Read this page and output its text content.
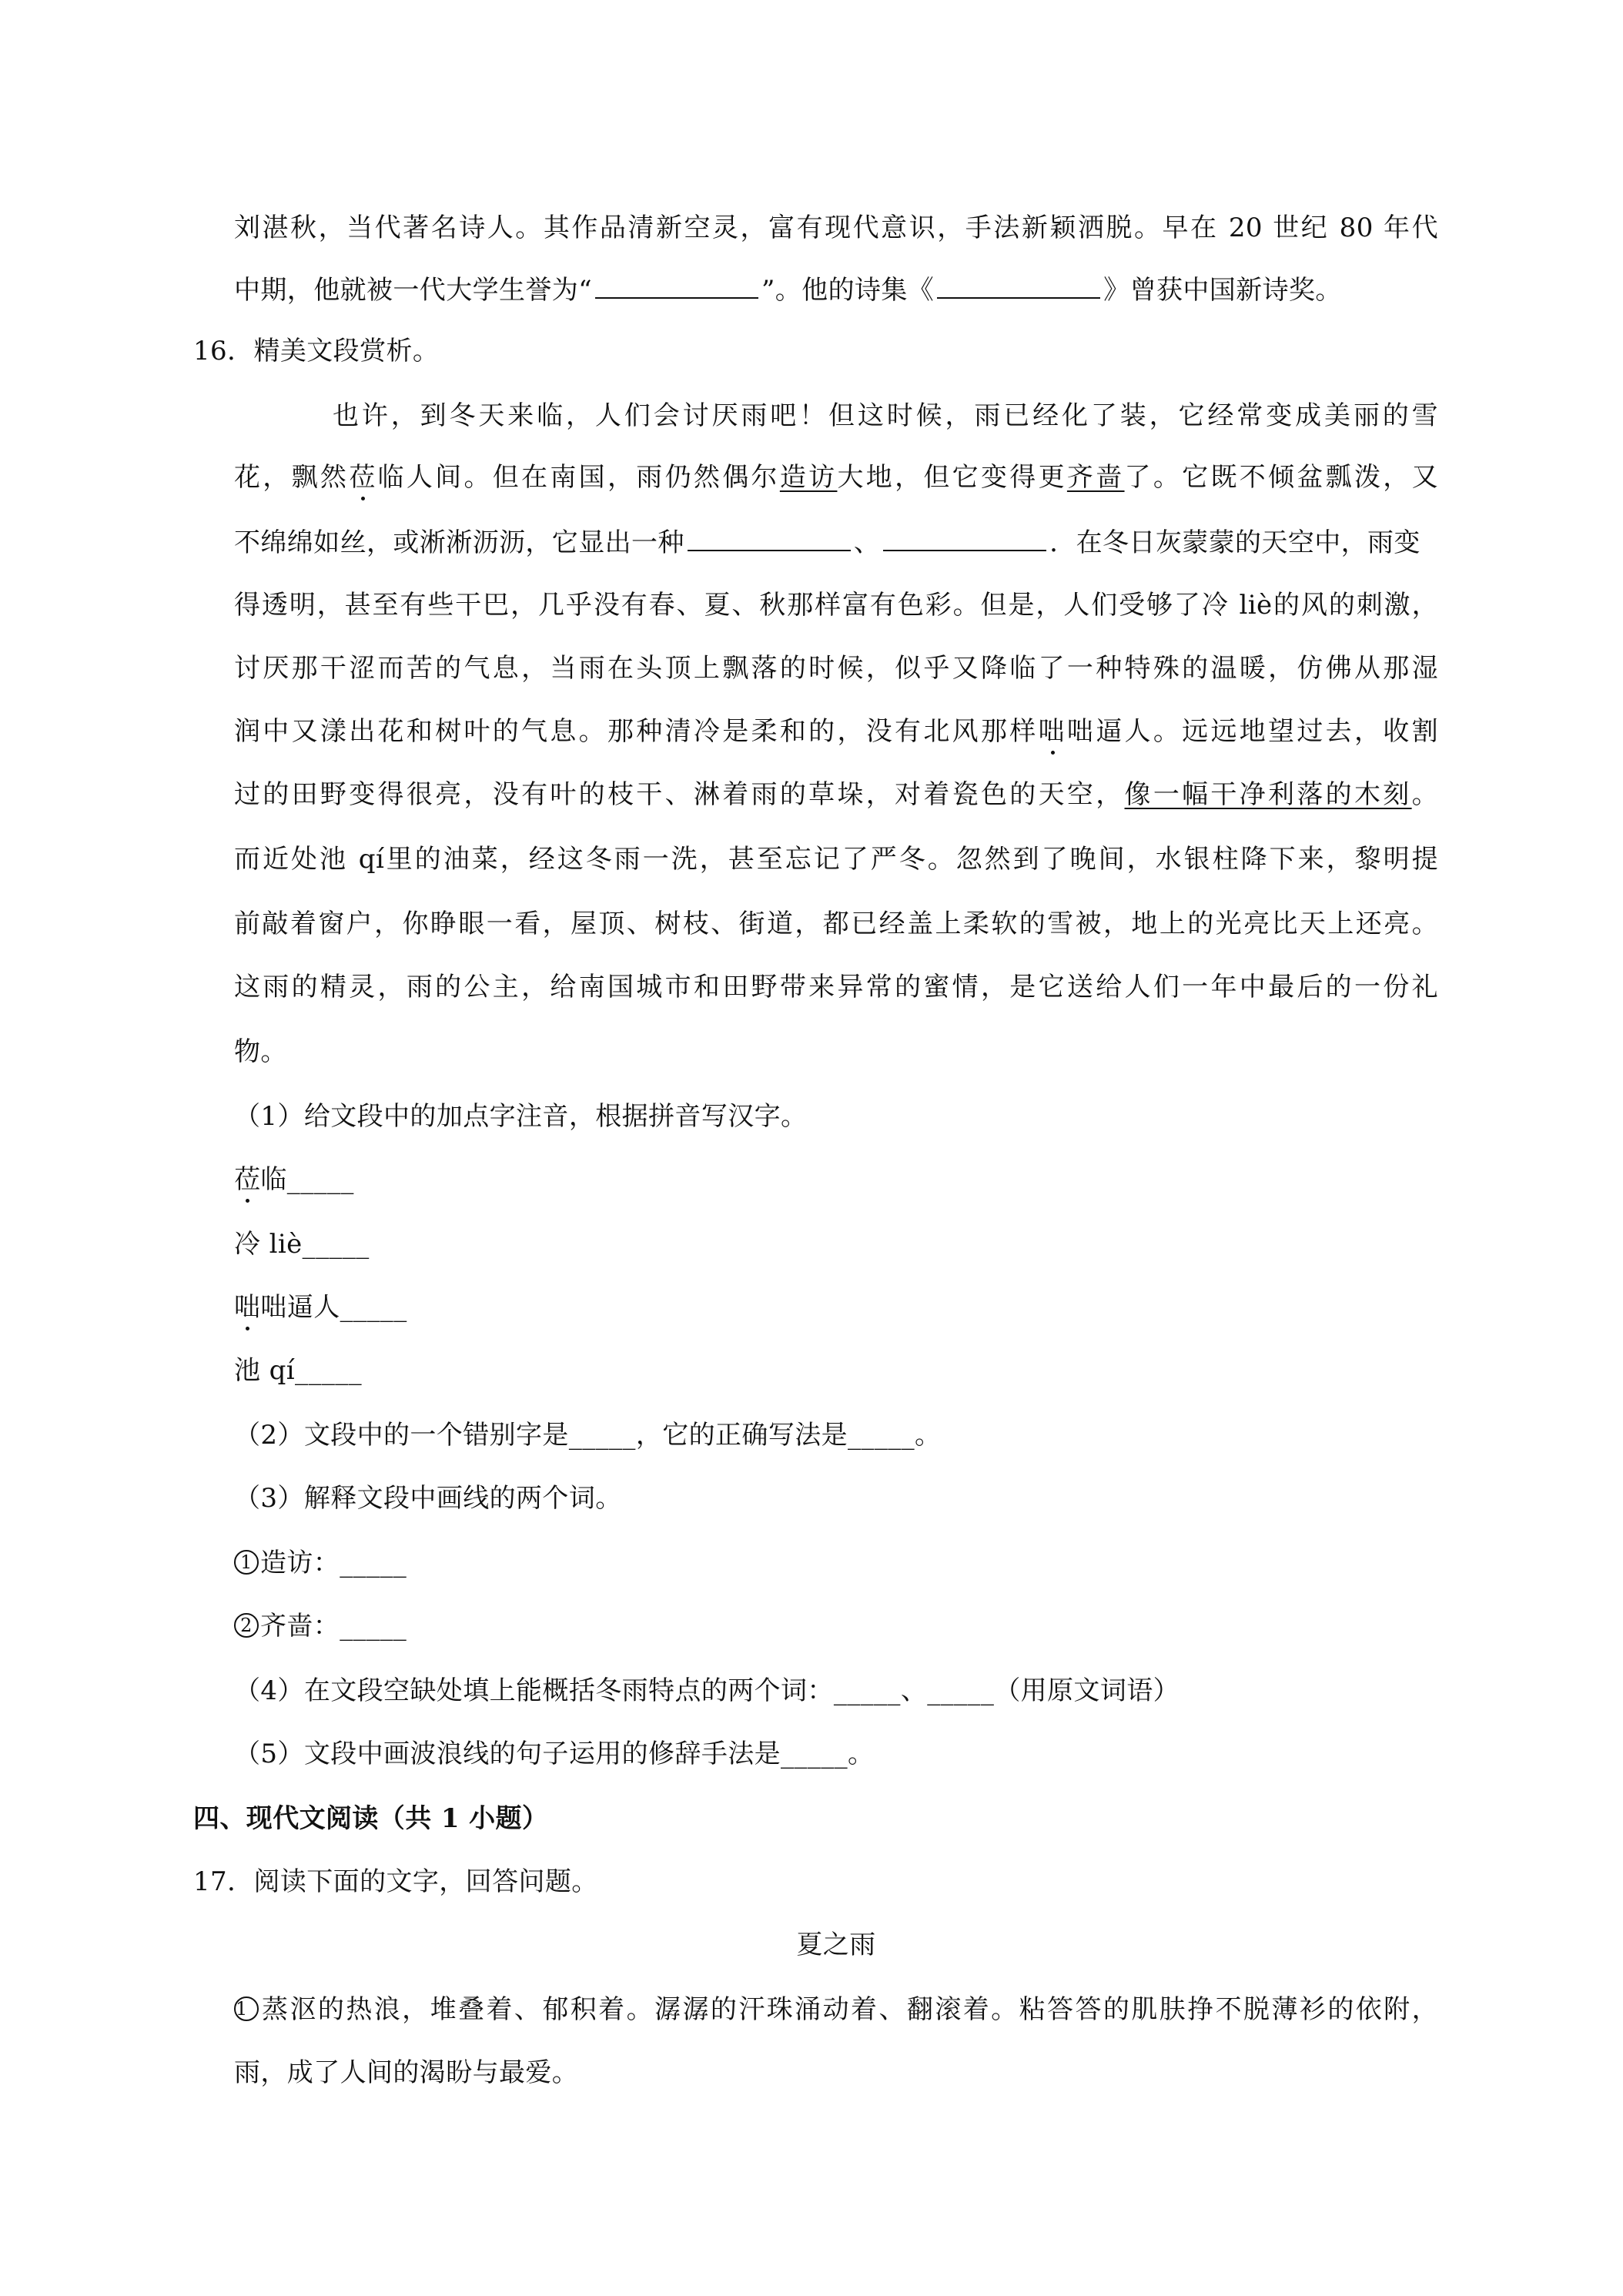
刘湛秋，当代著名诗人。其作品清新空灵，富有现代意识，手法新颖洒脱。早在 20 世纪 80 年代
中期，他就被一代大学生誉为“	”。他的诗集《	》曾获中国新诗奖。
16．精美文段赏析。
也许，到冬天来临，人们会讨厌雨吧！但这时候，雨已经化了装，它经常变成美丽的雪
花，飘然莅临人间。但在南国，雨仍然偶尔造访大地，但它变得更齐啬了。它既不倾盆瓢泼，又
不绵绵如丝，或淅淅沥沥，它显出一种	、	．在冬日灰蒙蒙的天空中，雨变
得透明，甚至有些干巴，几乎没有春、夏、秋那样富有色彩。但是，人们受够了冷 liè的风的刺激，
讨厌那干涩而苦的气息，当雨在头顶上飘落的时候，似乎又降临了一种特殊的温暖，仿佛从那湿
润中又漾出花和树叶的气息。那种清冷是柔和的，没有北风那样咄咄逼人。远远地望过去，收割
过的田野变得很亮，没有叶的枝干、淋着雨的草垛，对着瓷色的天空，像一幅干净利落的木刻。
而近处池 qí里的油菜，经这冬雨一洗，甚至忘记了严冬。忽然到了晚间，水银柱降下来，黎明提
前敲着窗户，你睁眼一看，屋顶、树枝、街道，都已经盖上柔软的雪被，地上的光亮比天上还亮。
这雨的精灵，雨的公主，给南国城市和田野带来异常的蜜情，是它送给人们一年中最后的一份礼
物。
（1）给文段中的加点字注音，根据拼音写汉字。
莅临_____
冷 liè_____
咄咄逼人_____
池 qí_____
（2）文段中的一个错别字是_____，它的正确写法是_____。
（3）解释文段中画线的两个词。
1 造访：_____
2 齐啬：_____
（4）在文段空缺处填上能概括冬雨特点的两个词：_____、_____（用原文词语）
（5）文段中画波浪线的句子运用的修辞手法是_____。
四、现代文阅读（共 1 小题）
17．阅读下面的文字，回答问题。
夏之雨
1 蒸沤的热浪，堆叠着、郁积着。潺潺的汗珠涌动着、翻滚着。粘答答的肌肤挣不脱薄衫的依附，
雨，成了人间的渴盼与最爱。
